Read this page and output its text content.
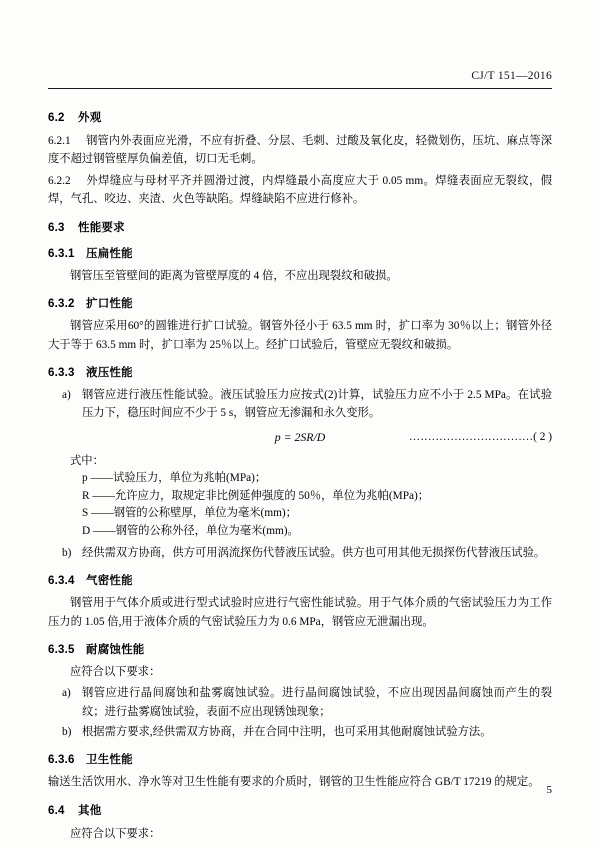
CJ/T 151—2016
6.2 外观

6.2.1 钢管内外表面应光滑，不应有折叠、分层、毛刺、过酸及氧化皮，轻微划伤，压坑、麻点等深度不超过钢管壁厚负偏差值，切口无毛刺。

6.2.2 外焊缝应与母材平齐并圆滑过渡，内焊缝最小高度应大于 0.05 mm。焊缝表面应无裂纹，假焊，气孔、咬边、夹渣、火色等缺陷。焊缝缺陷不应进行修补。

6.3 性能要求
6.3.1 压扁性能

钢管压至管壁间的距离为管壁厚度的 4 倍，不应出现裂纹和破损。

6.3.2 扩口性能

钢管应采用60°的圆锥进行扩口试验。钢管外径小于 63.5 mm 时，扩口率为 30％以上；钢管外径大于等于 63.5 mm 时，扩口率为 25％以上。经扩口试验后，管壁应无裂纹和破损。

6.3.3 液压性能
a) 钢管应进行液压性能试验。液压试验压力应按式(2)计算，试验压力应不小于 2.5 MPa。在试验压力下，稳压时间应不少于 5 s，钢管应无渗漏和永久变形。
p = 2SR/D	……………………………( 2 )
式中：
p ——试验压力，单位为兆帕(MPa)；
R ——允许应力，取规定非比例延伸强度的 50％，单位为兆帕(MPa)；
S ——钢管的公称壁厚，单位为毫米(mm)；
D ——钢管的公称外径，单位为毫米(mm)。
b) 经供需双方协商，供方可用涡流探伤代替液压试验。供方也可用其他无损探伤代替液压试验。
6.3.4 气密性能

钢管用于气体介质或进行型式试验时应进行气密性能试验。用于气体介质的气密试验压力为工作压力的 1.05 倍,用于液体介质的气密试验压力为 0.6 MPa，钢管应无泄漏出现。

6.3.5 耐腐蚀性能

应符合以下要求：

a) 钢管应进行晶间腐蚀和盐雾腐蚀试验。进行晶间腐蚀试验，不应出现因晶间腐蚀而产生的裂纹；进行盐雾腐蚀试验，表面不应出现锈蚀现象；
b) 根据需方要求,经供需双方协商，并在合同中注明，也可采用其他耐腐蚀试验方法。
6.3.6 卫生性能

输送生活饮用水、净水等对卫生性能有要求的介质时，钢管的卫生性能应符合 GB/T 17219 的规定。

6.4 其他

应符合以下要求：

5
